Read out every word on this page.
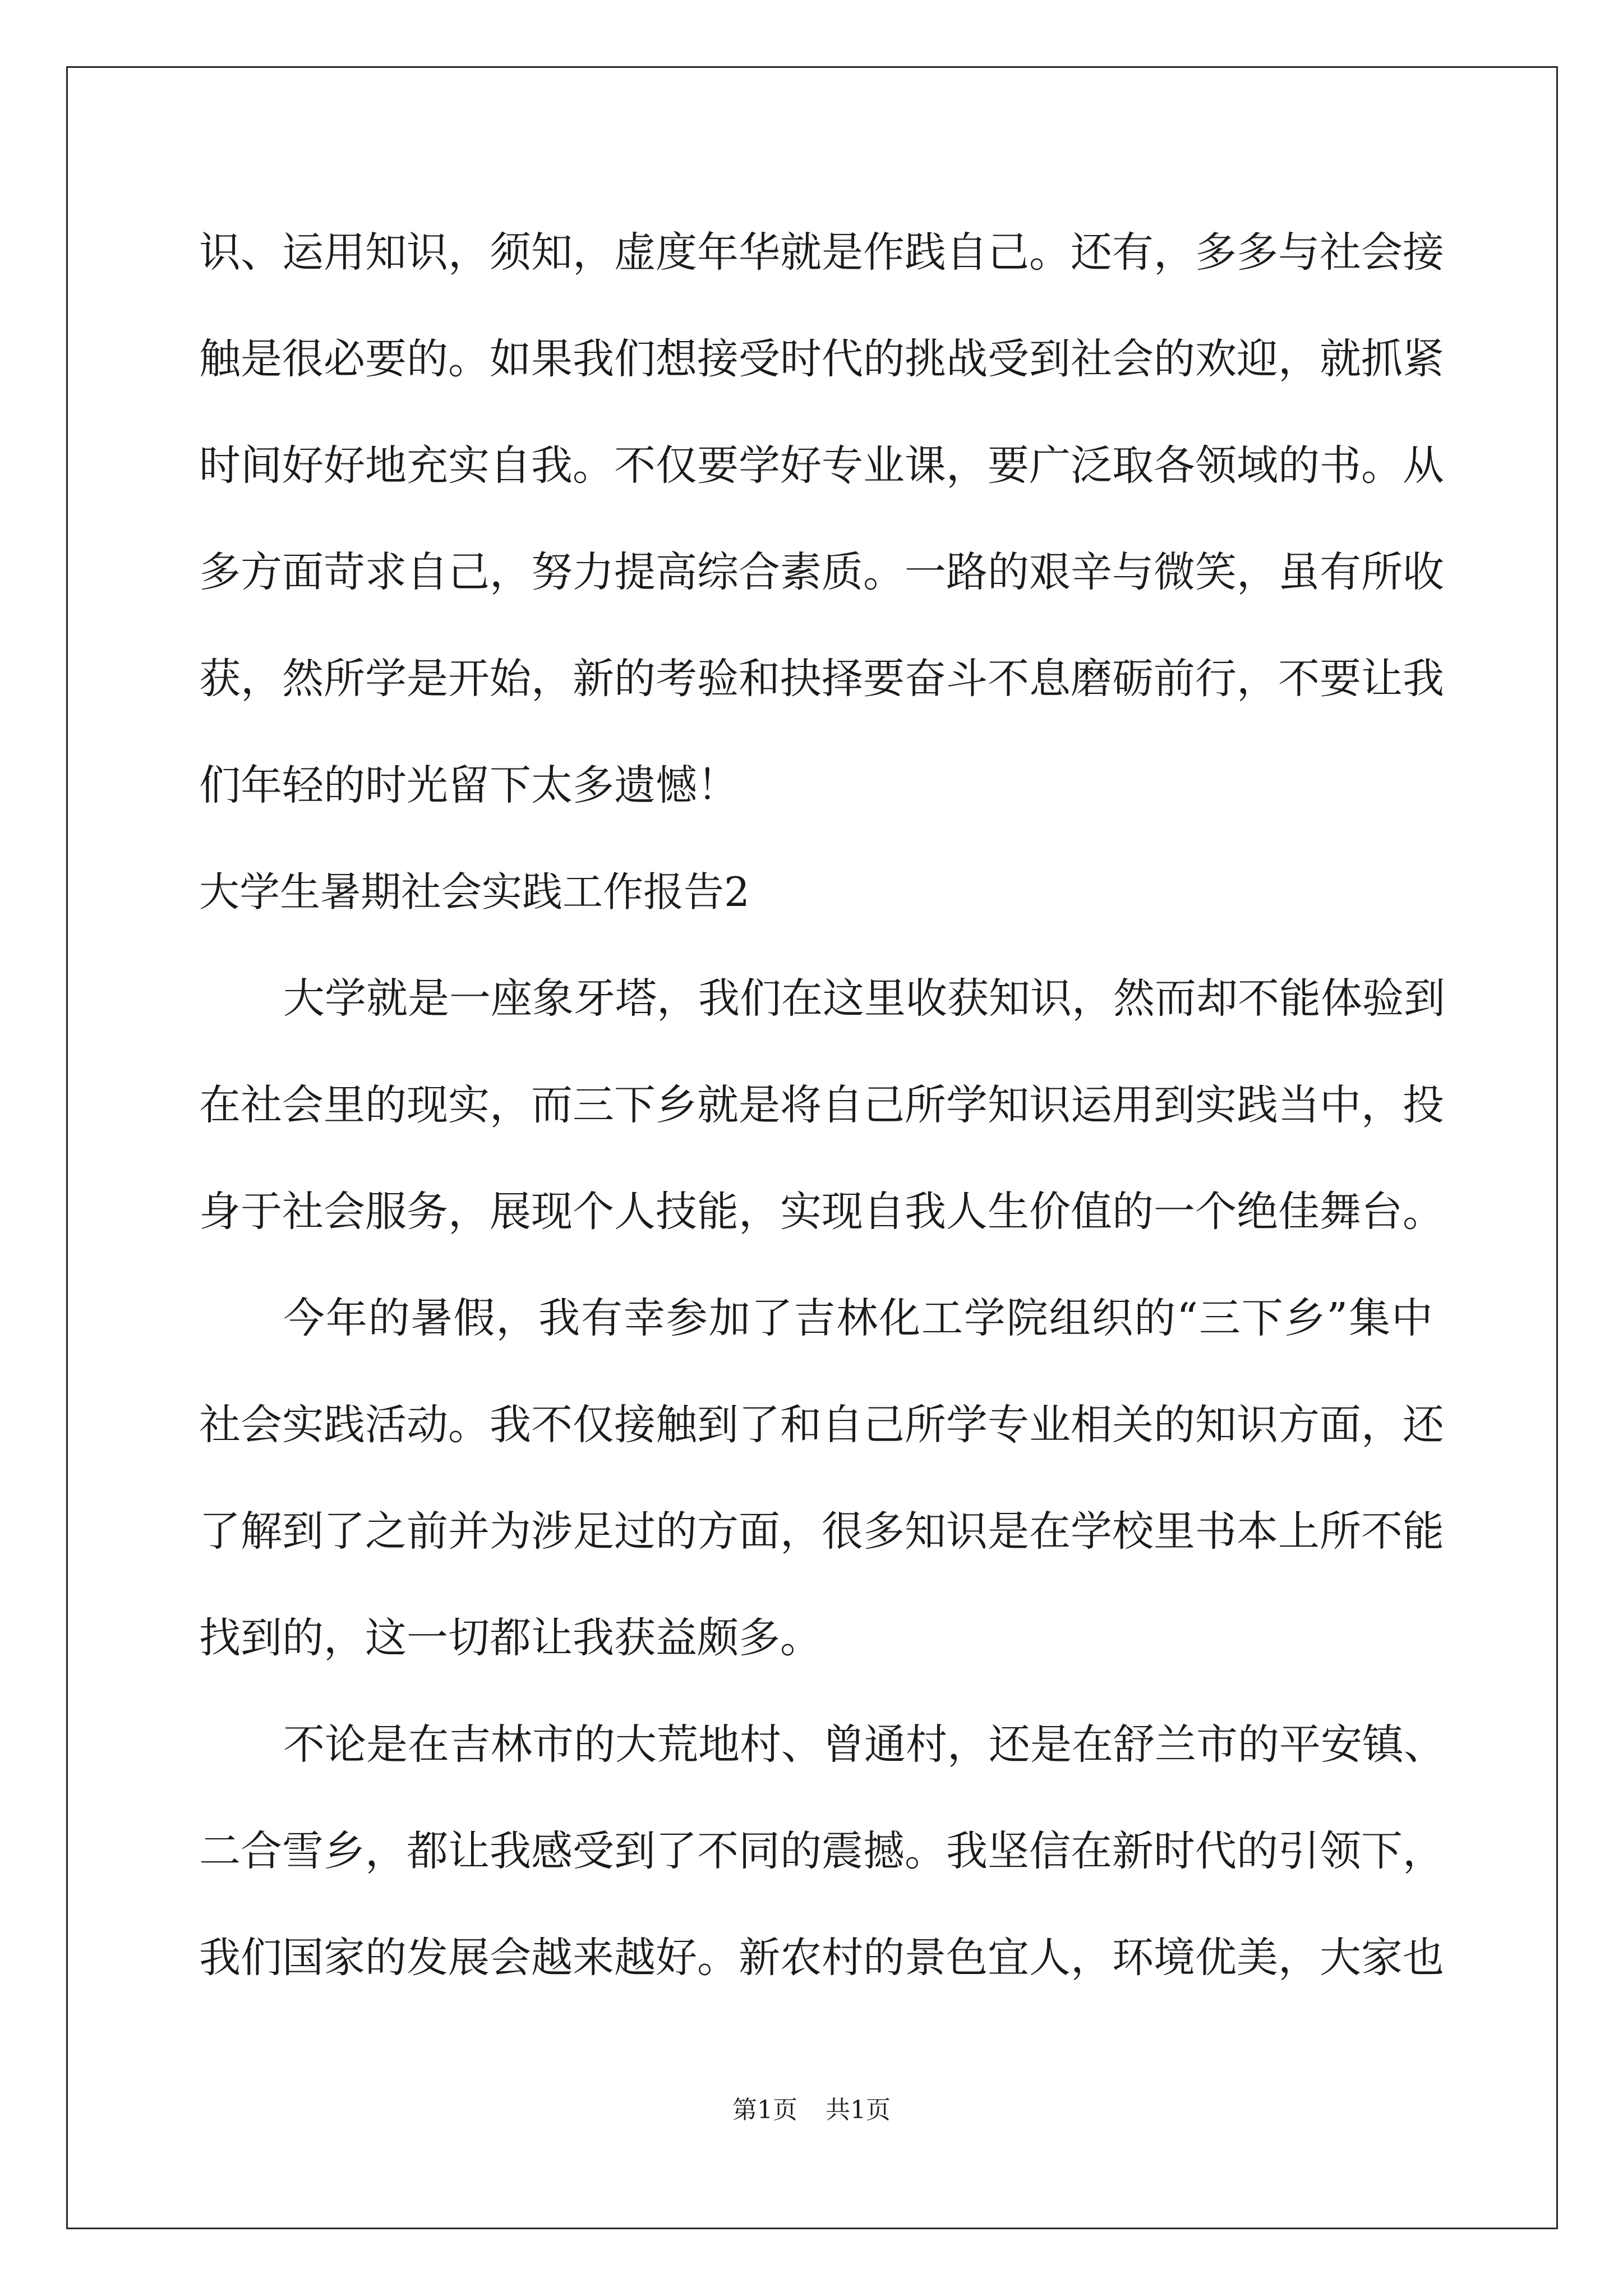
识、运用知识，须知，虚度年华就是作践自己。还有，多多与社会接
触是很必要的。如果我们想接受时代的挑战受到社会的欢迎，就抓紧
时间好好地充实自我。不仅要学好专业课，要广泛取各领域的书。从
多方面苛求自己，努力提高综合素质。一路的艰辛与微笑，虽有所收
获，然所学是开始，新的考验和抉择要奋斗不息磨砺前行，不要让我
们年轻的时光留下太多遗憾！
大学生暑期社会实践工作报告2
大学就是一座象牙塔，我们在这里收获知识，然而却不能体验到
在社会里的现实，而三下乡就是将自己所学知识运用到实践当中，投
身于社会服务，展现个人技能，实现自我人生价值的一个绝佳舞台。
今年的暑假，我有幸参加了吉林化工学院组织的“三下乡”集中
社会实践活动。我不仅接触到了和自己所学专业相关的知识方面，还
了解到了之前并为涉足过的方面，很多知识是在学校里书本上所不能
找到的，这一切都让我获益颇多。
不论是在吉林市的大荒地村、曾通村，还是在舒兰市的平安镇、
二合雪乡，都让我感受到了不同的震撼。我坚信在新时代的引领下，
我们国家的发展会越来越好。新农村的景色宜人，环境优美，大家也
第1页 共1页
